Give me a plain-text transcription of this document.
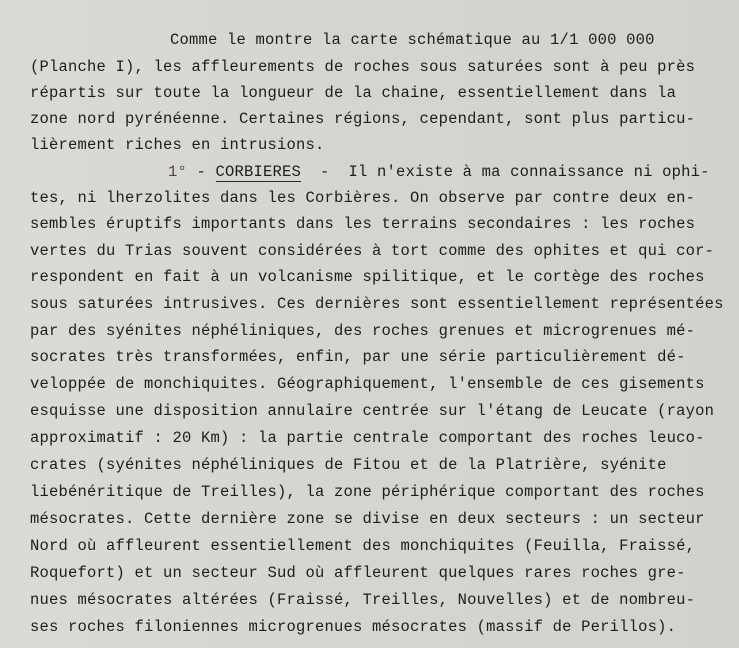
Comme le montre la carte schématique au 1/1 000 000
(Planche I), les affleurements de roches sous saturées sont à peu près
répartis sur toute la longueur de la chaine, essentiellement dans la
zone nord pyrénéenne. Certaines régions, cependant, sont plus particu-
lièrement riches en intrusions.
1° - CORBIERES  -  Il n'existe à ma connaissance ni ophi-
tes, ni lherzolites dans les Corbières. On observe par contre deux en-
sembles éruptifs importants dans les terrains secondaires : les roches
vertes du Trias souvent considérées à tort comme des ophites et qui cor-
respondent en fait à un volcanisme spilitique, et le cortège des roches
sous saturées intrusives. Ces dernières sont essentiellement représentées
par des syénites néphéliniques, des roches grenues et microgrenues mé-
socrates très transformées, enfin, par une série particulièrement dé-
veloppée de monchiquites. Géographiquement, l'ensemble de ces gisements
esquisse une disposition annulaire centrée sur l'étang de Leucate (rayon
approximatif : 20 Km) : la partie centrale comportant des roches leuco-
crates (syénites néphéliniques de Fitou et de la Platrière, syénite
liebénéritique de Treilles), la zone périphérique comportant des roches
mésocrates. Cette dernière zone se divise en deux secteurs : un secteur
Nord où affleurent essentiellement des monchiquites (Feuilla, Fraissé,
Roquefort) et un secteur Sud où affleurent quelques rares roches gre-
nues mésocrates altérées (Fraissé, Treilles, Nouvelles) et de nombreu-
ses roches filoniennes microgrenues mésocrates (massif de Perillos).
